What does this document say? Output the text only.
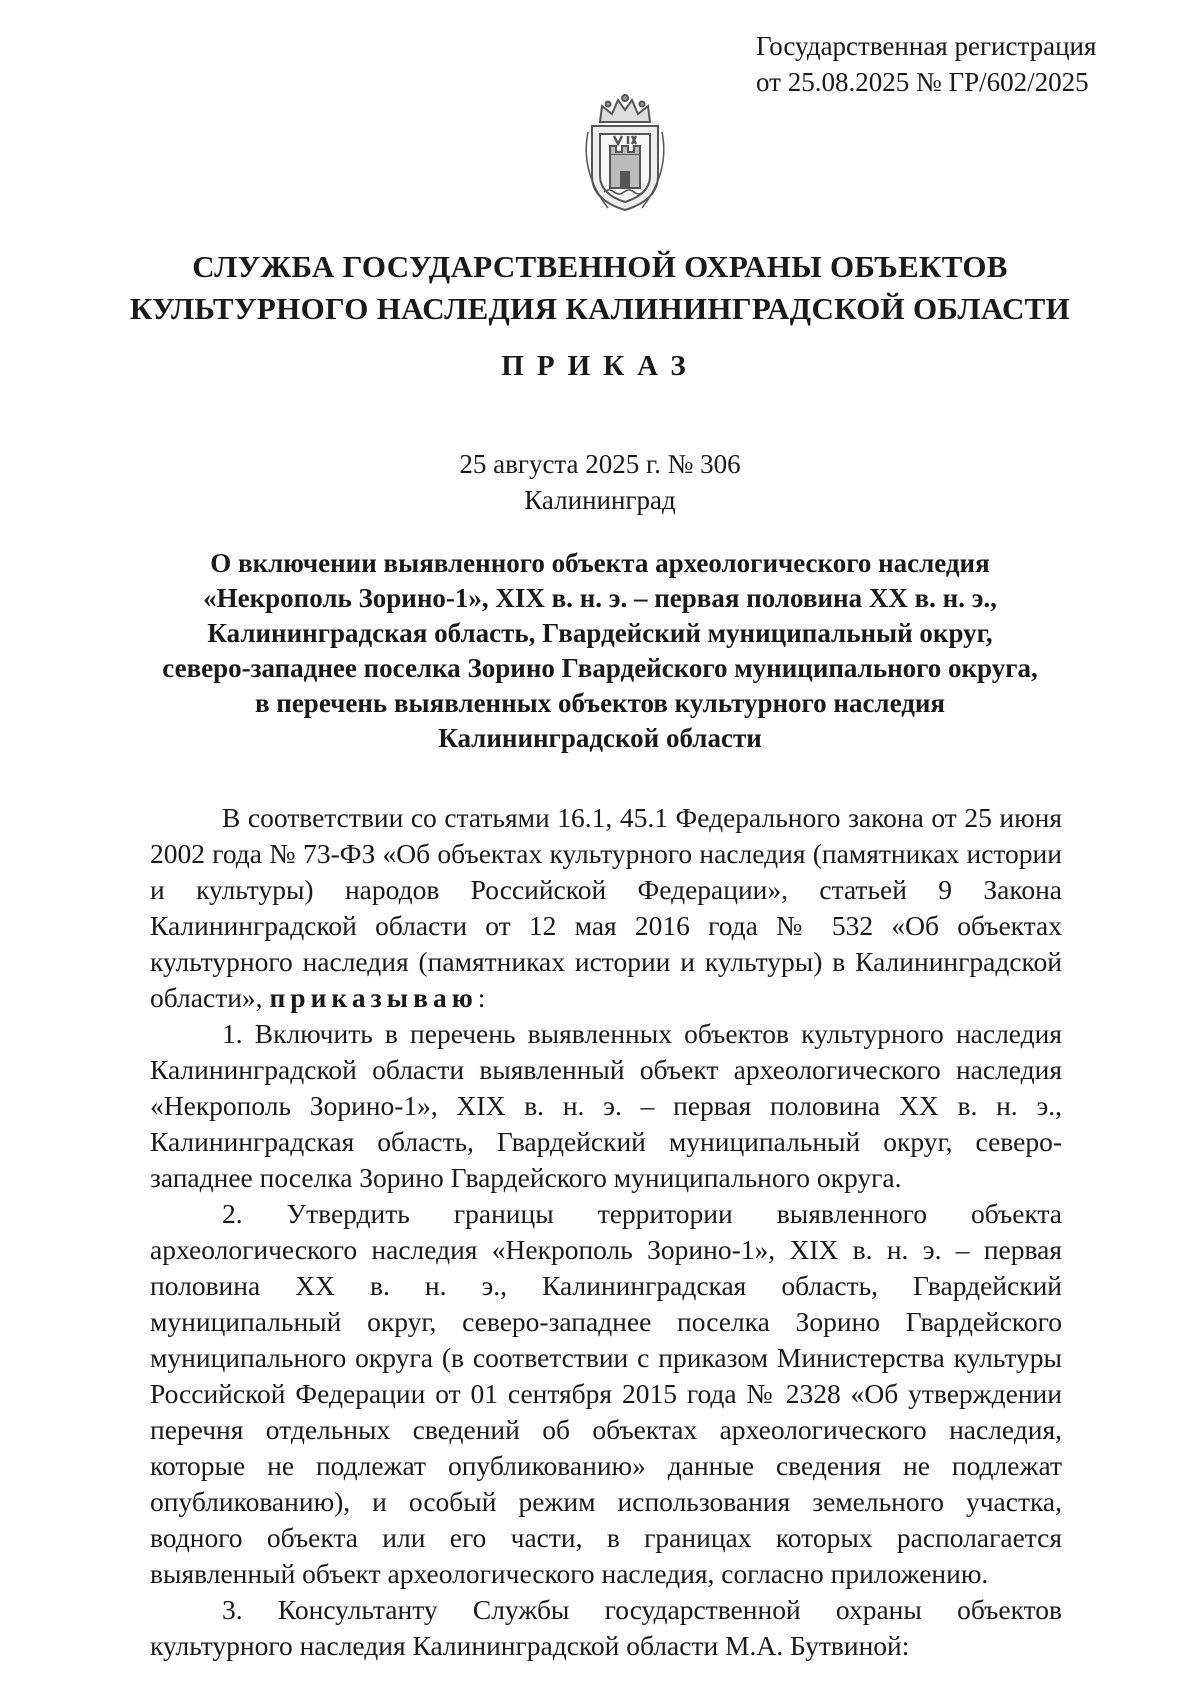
Государственная регистрация
от 25.08.2025 № ГР/602/2025
СЛУЖБА ГОСУДАРСТВЕННОЙ ОХРАНЫ ОБЪЕКТОВ
КУЛЬТУРНОГО НАСЛЕДИЯ КАЛИНИНГРАДСКОЙ ОБЛАСТИ
ПРИКАЗ
25 августа 2025 г. № 306
Калининград
О включении выявленного объекта археологического наследия
«Некрополь Зорино-1», XIX в. н. э. – первая половина XX в. н. э.,
Калининградская область, Гвардейский муниципальный округ,
северо-западнее поселка Зорино Гвардейского муниципального округа,
в перечень выявленных объектов культурного наследия
Калининградской области

В соответствии со статьями 16.1, 45.1 Федерального закона от 25 июня 2002 года № 73-ФЗ «Об объектах культурного наследия (памятниках истории и культуры) народов Российской Федерации», статьей 9 Закона Калининградской области от 12 мая 2016 года № 532 «Об объектах культурного наследия (памятниках истории и культуры) в Калининградской области», приказываю:

1. Включить в перечень выявленных объектов культурного наследия Калининградской области выявленный объект археологического наследия «Некрополь Зорино-1», XIX в. н. э. – первая половина XX в. н. э., Калининградская область, Гвардейский муниципальный округ, северо-западнее поселка Зорино Гвардейского муниципального округа.

2. Утвердить границы территории выявленного объекта археологического наследия «Некрополь Зорино-1», XIX в. н. э. – первая половина XX в. н. э., Калининградская область, Гвардейский муниципальный округ, северо-западнее поселка Зорино Гвардейского муниципального округа (в соответствии с приказом Министерства культуры Российской Федерации от 01 сентября 2015 года № 2328 «Об утверждении перечня отдельных сведений об объектах археологического наследия, которые не подлежат опубликованию» данные сведения не подлежат опубликованию), и особый режим использования земельного участка, водного объекта или его части, в границах которых располагается выявленный объект археологического наследия, согласно приложению.

3. Консультанту Службы государственной охраны объектов культурного наследия Калининградской области М.А. Бутвиной:
